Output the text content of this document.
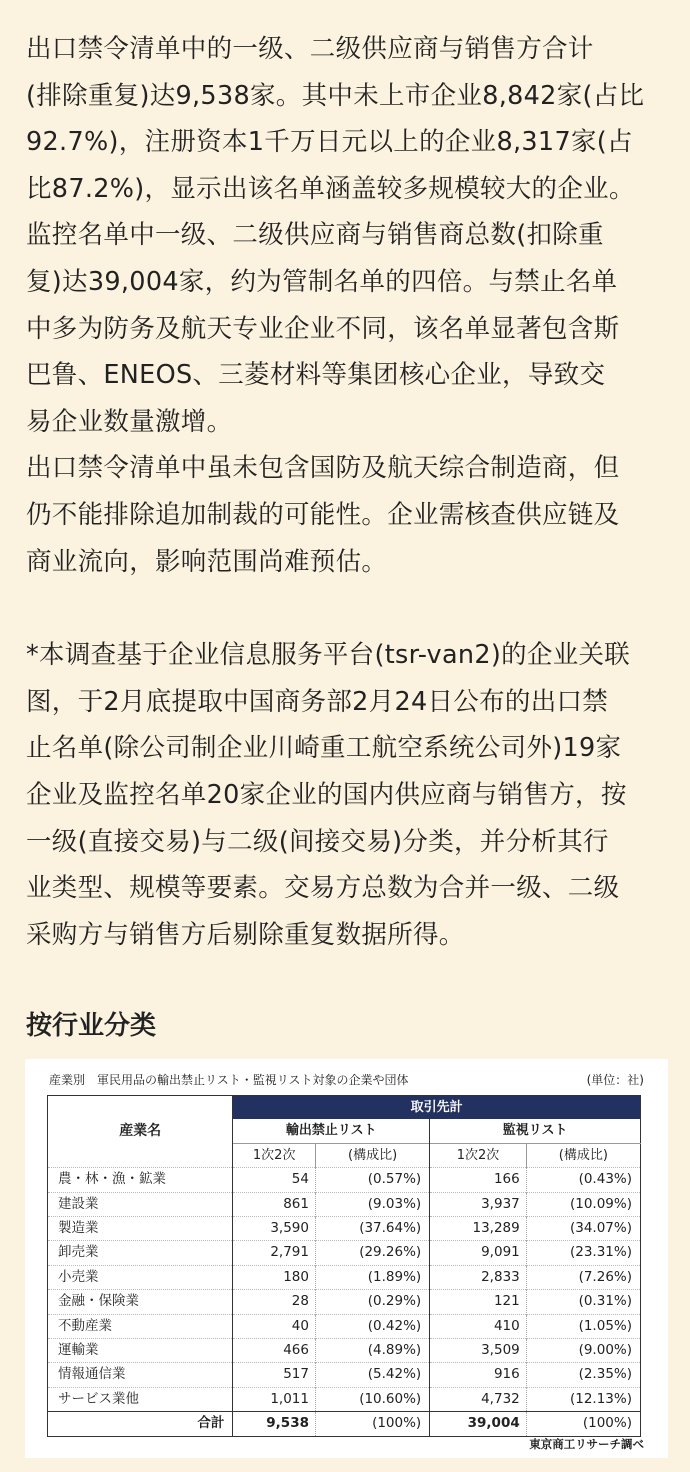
出口禁令清单中的一级、二级供应商与销售方合计
(排除重复)达9,538家。其中未上市企业8,842家(占比
92.7%)，注册资本1千万日元以上的企业8,317家(占
比87.2%)，显示出该名单涵盖较多规模较大的企业。
监控名单中一级、二级供应商与销售商总数(扣除重
复)达39,004家，约为管制名单的四倍。与禁止名单
中多为防务及航天专业企业不同，该名单显著包含斯
巴鲁、ENEOS、三菱材料等集团核心企业，导致交
易企业数量激增。

出口禁令清单中虽未包含国防及航天综合制造商，但
仍不能排除追加制裁的可能性。企业需核查供应链及
商业流向，影响范围尚难预估。

*本调查基于企业信息服务平台(tsr-van2)的企业关联
图，于2月底提取中国商务部2月24日公布的出口禁
止名单(除公司制企业川崎重工航空系统公司外)19家
企业及监控名单20家企业的国内供应商与销售方，按
一级(直接交易)与二级(间接交易)分类，并分析其行
业类型、规模等要素。交易方总数为合并一级、二级
采购方与销售方后剔除重复数据所得。

按行业分类
産業別　軍民用品の輸出禁止リスト・監視リスト対象の企業や団体	(単位：社)
産業名	取引先計			
	輸出禁止リスト		監視リスト	
	1次2次	(構成比)	1次2次	(構成比)
農・林・漁・鉱業	54	(0.57%)	166	(0.43%)
建設業	861	(9.03%)	3,937	(10.09%)
製造業	3,590	(37.64%)	13,289	(34.07%)
卸売業	2,791	(29.26%)	9,091	(23.31%)
小売業	180	(1.89%)	2,833	(7.26%)
金融・保険業	28	(0.29%)	121	(0.31%)
不動産業	40	(0.42%)	410	(1.05%)
運輸業	466	(4.89%)	3,509	(9.00%)
情報通信業	517	(5.42%)	916	(2.35%)
サービス業他	1,011	(10.60%)	4,732	(12.13%)
合計	9,538	(100%)	39,004	(100%)
東京商工リサーチ調べ
